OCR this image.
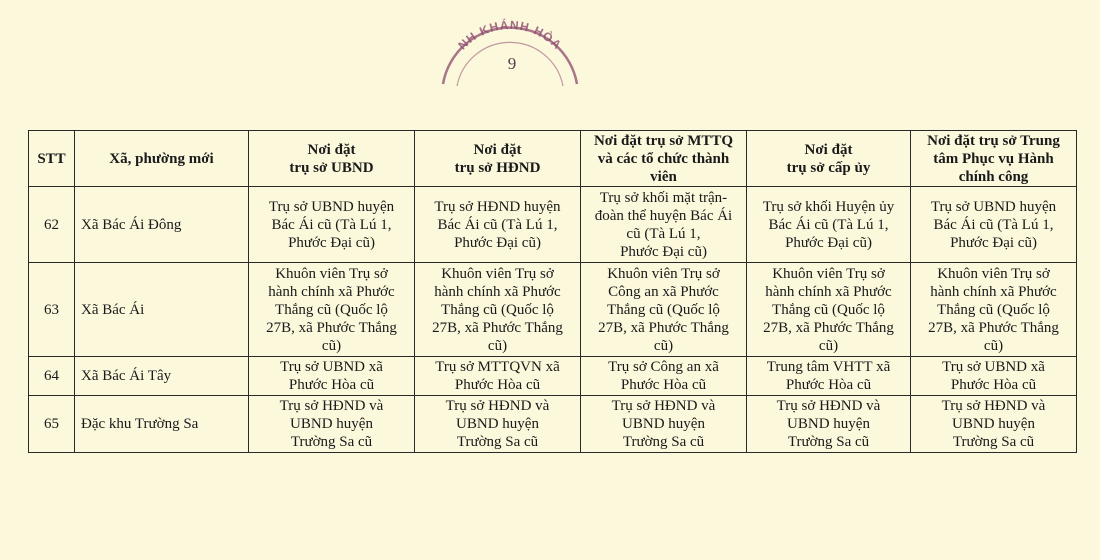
NH KHÁNH HÒA
9
STT	Xã, phường mới	Nơi đặt
trụ sở UBND	Nơi đặt
trụ sở HĐND	Nơi đặt trụ sở MTTQ
và các tổ chức thành
viên	Nơi đặt
trụ sở cấp ủy	Nơi đặt trụ sở Trung
tâm Phục vụ Hành
chính công
62	Xã Bác Ái Đông	Trụ sở UBND huyện
Bác Ái cũ (Tà Lú 1,
Phước Đại cũ)	Trụ sở HĐND huyện
Bác Ái cũ (Tà Lú 1,
Phước Đại cũ)	Trụ sở khối mặt trận-
đoàn thể huyện Bác Ái
cũ (Tà Lú 1,
Phước Đại cũ)	Trụ sở khối Huyện ủy
Bác Ái cũ (Tà Lú 1,
Phước Đại cũ)	Trụ sở UBND huyện
Bác Ái cũ (Tà Lú 1,
Phước Đại cũ)
63	Xã Bác Ái	Khuôn viên Trụ sở
hành chính xã Phước
Thắng cũ (Quốc lộ
27B, xã Phước Thắng
cũ)	Khuôn viên Trụ sở
hành chính xã Phước
Thắng cũ (Quốc lộ
27B, xã Phước Thắng
cũ)	Khuôn viên Trụ sở
Công an xã Phước
Thắng cũ (Quốc lộ
27B, xã Phước Thắng
cũ)	Khuôn viên Trụ sở
hành chính xã Phước
Thắng cũ (Quốc lộ
27B, xã Phước Thắng
cũ)	Khuôn viên Trụ sở
hành chính xã Phước
Thắng cũ (Quốc lộ
27B, xã Phước Thắng
cũ)
64	Xã Bác Ái Tây	Trụ sở UBND xã
Phước Hòa cũ	Trụ sở MTTQVN xã
Phước Hòa cũ	Trụ sở Công an xã
Phước Hòa cũ	Trung tâm VHTT xã
Phước Hòa cũ	Trụ sở UBND xã
Phước Hòa cũ
65	Đặc khu Trường Sa	Trụ sở HĐND và
UBND huyện
Trường Sa cũ	Trụ sở HĐND và
UBND huyện
Trường Sa cũ	Trụ sở HĐND và
UBND huyện
Trường Sa cũ	Trụ sở HĐND và
UBND huyện
Trường Sa cũ	Trụ sở HĐND và
UBND huyện
Trường Sa cũ
